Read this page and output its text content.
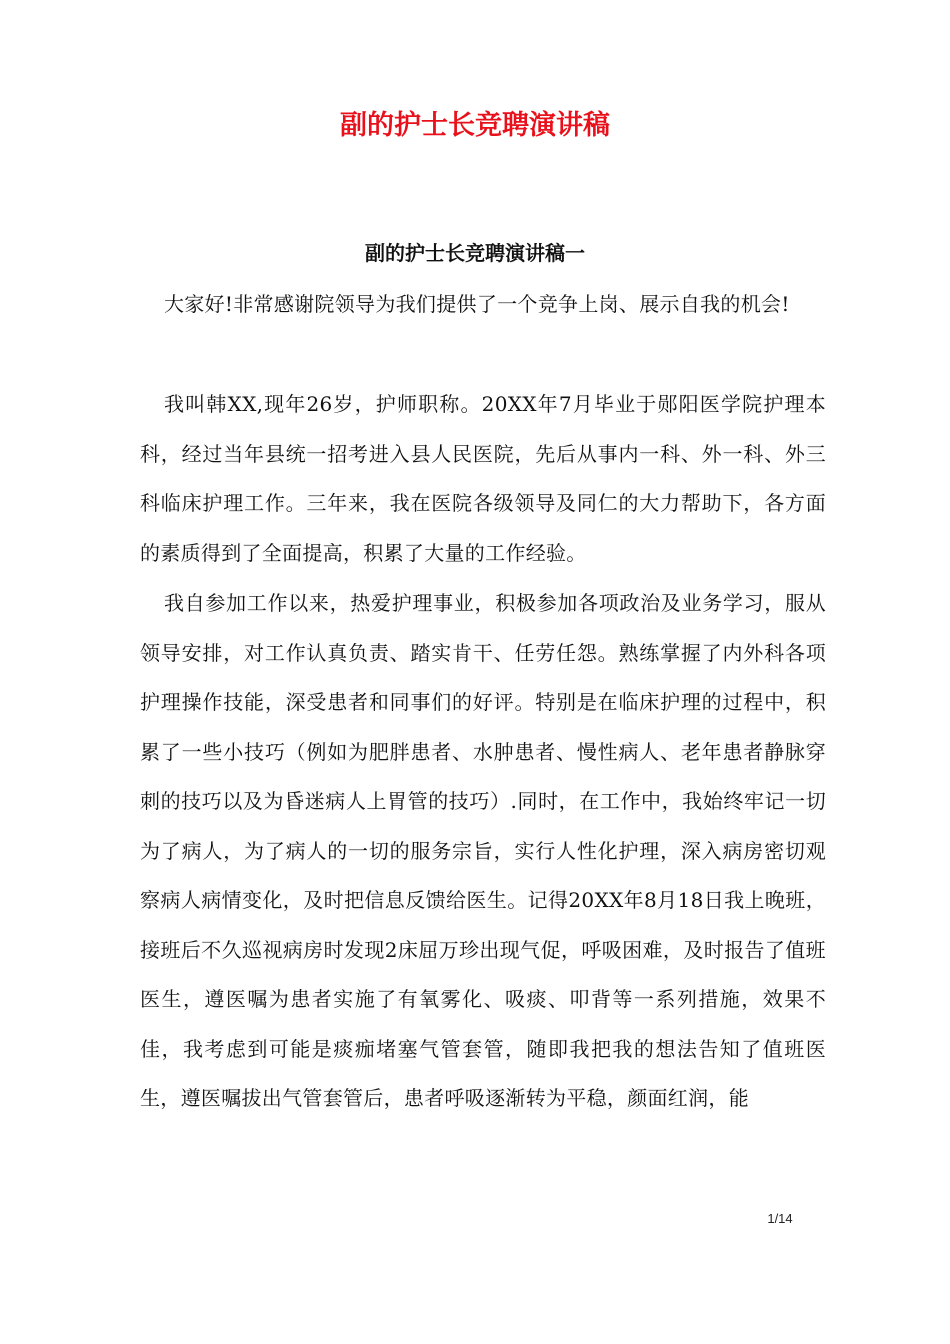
副的护士长竞聘演讲稿
副的护士长竞聘演讲稿一

大家好!非常感谢院领导为我们提供了一个竞争上岗、展示自我的机会!

我叫韩XX,现年26岁，护师职称。20XX年7月毕业于郧阳医学院护理本科，经过当年县统一招考进入县人民医院，先后从事内一科、外一科、外三科临床护理工作。三年来，我在医院各级领导及同仁的大力帮助下，各方面的素质得到了全面提高，积累了大量的工作经验。

我自参加工作以来，热爱护理事业，积极参加各项政治及业务学习，服从领导安排，对工作认真负责、踏实肯干、任劳任怨。熟练掌握了内外科各项护理操作技能，深受患者和同事们的好评。特别是在临床护理的过程中，积累了一些小技巧（例如为肥胖患者、水肿患者、慢性病人、老年患者静脉穿刺的技巧以及为昏迷病人上胃管的技巧）.同时，在工作中，我始终牢记一切为了病人，为了病人的一切的服务宗旨，实行人性化护理，深入病房密切观察病人病情变化，及时把信息反馈给医生。记得20XX年8月18日我上晚班，接班后不久巡视病房时发现2床屈万珍出现气促，呼吸困难，及时报告了值班医生，遵医嘱为患者实施了有氧雾化、吸痰、叩背等一系列措施，效果不佳，我考虑到可能是痰痂堵塞气管套管，随即我把我的想法告知了值班医生，遵医嘱拔出气管套管后，患者呼吸逐渐转为平稳，颜面红润，能

1/14
